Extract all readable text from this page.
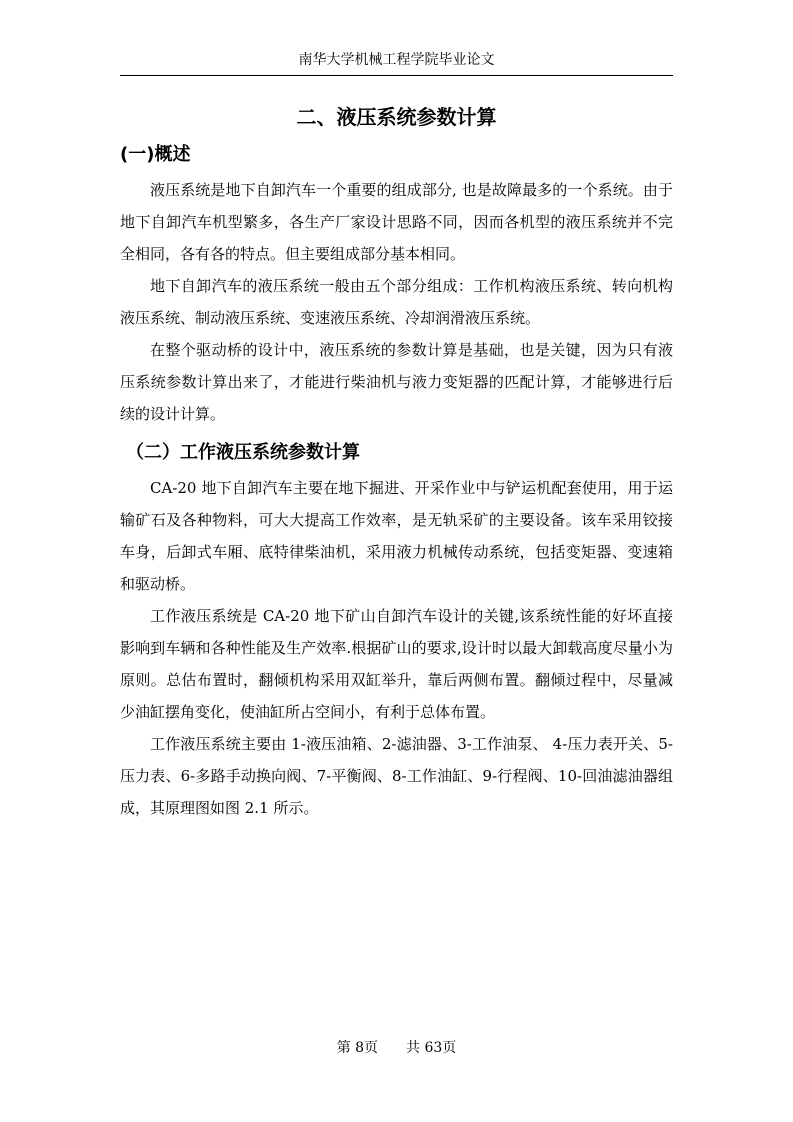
南华大学机械工程学院毕业论文
二、液压系统参数计算
(一)概述

液压系统是地下自卸汽车一个重要的组成部分, 也是故障最多的一个系统。由于地下自卸汽车机型繁多，各生产厂家设计思路不同，因而各机型的液压系统并不完全相同，各有各的特点。但主要组成部分基本相同。

地下自卸汽车的液压系统一般由五个部分组成：工作机构液压系统、转向机构液压系统、制动液压系统、变速液压系统、冷却润滑液压系统。

在整个驱动桥的设计中，液压系统的参数计算是基础，也是关键，因为只有液压系统参数计算出来了，才能进行柴油机与液力变矩器的匹配计算，才能够进行后续的设计计算。

（二）工作液压系统参数计算

CA-20 地下自卸汽车主要在地下掘进、开采作业中与铲运机配套使用，用于运输矿石及各种物料，可大大提高工作效率，是无轨采矿的主要设备。该车采用铰接车身，后卸式车厢、底特律柴油机，采用液力机械传动系统，包括变矩器、变速箱和驱动桥。

工作液压系统是 CA-20 地下矿山自卸汽车设计的关键,该系统性能的好坏直接影响到车辆和各种性能及生产效率.根据矿山的要求,设计时以最大卸载高度尽量小为原则。总估布置时，翻倾机构采用双缸举升，靠后两侧布置。翻倾过程中，尽量减少油缸摆角变化，使油缸所占空间小，有利于总体布置。

工作液压系统主要由 1-液压油箱、2-滤油器、3-工作油泵、 4-压力表开关、5-压力表、6-多路手动换向阀、7-平衡阀、8-工作油缸、9-行程阀、10-回油滤油器组成，其原理图如图 2.1 所示。

第 8页 共 63页
